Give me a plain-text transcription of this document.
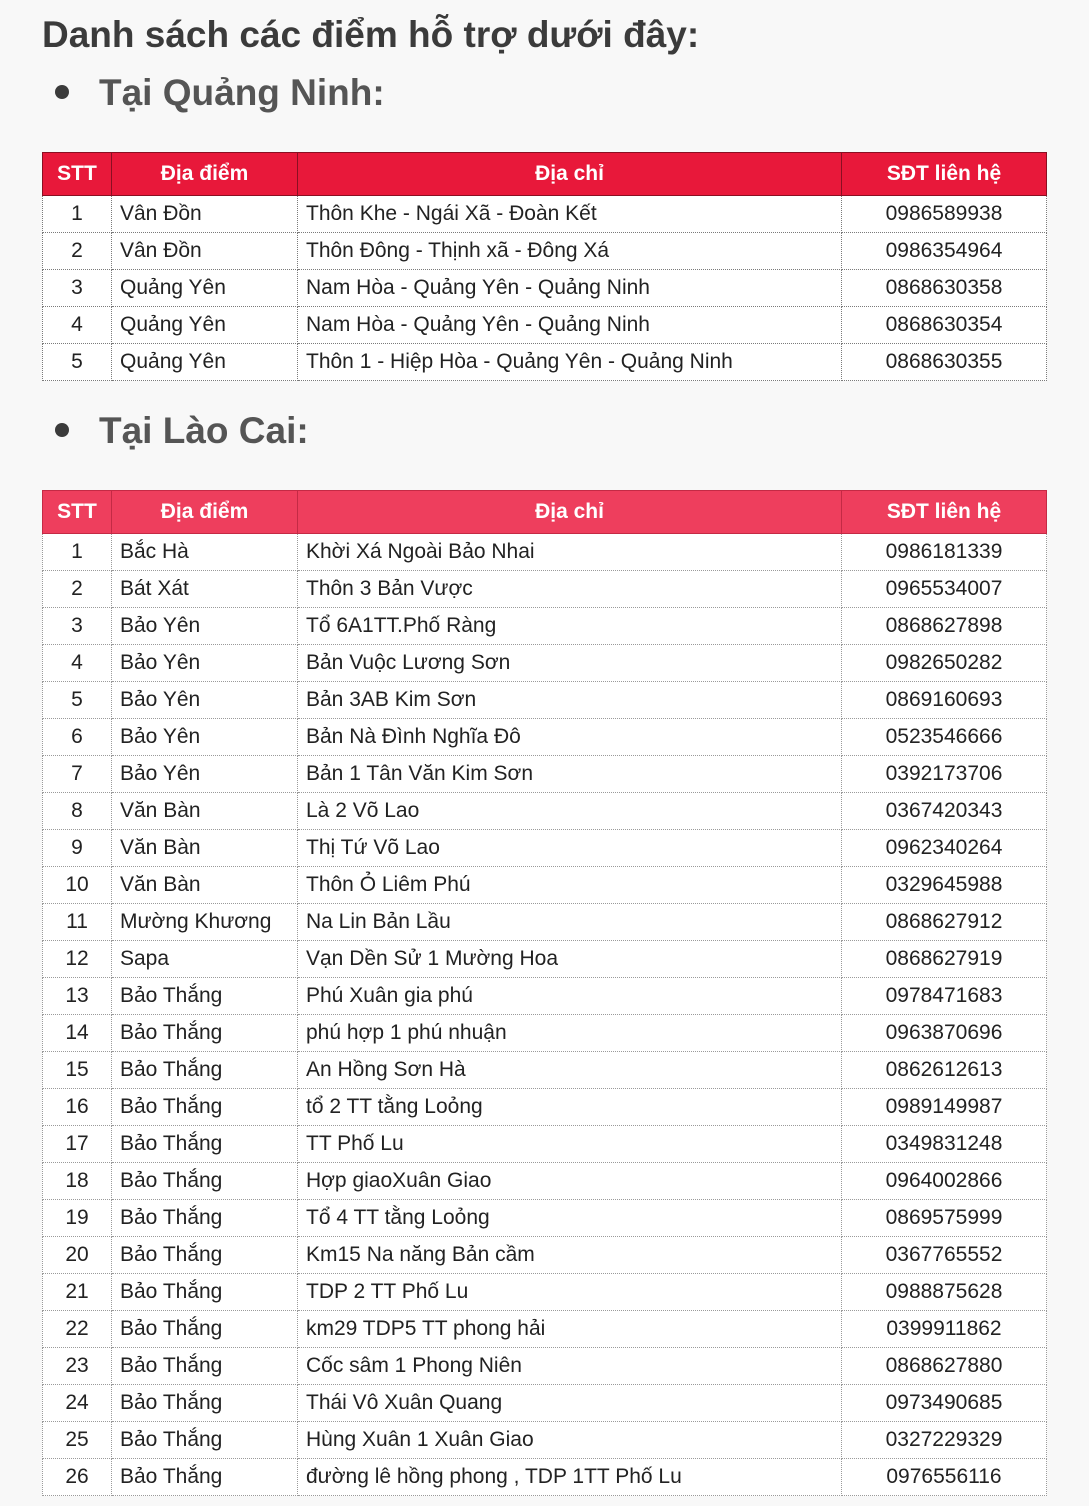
Danh sách các điểm hỗ trợ dưới đây:
Tại Quảng Ninh:
STT	Địa điểm	Địa chỉ	SĐT liên hệ
1	Vân Đồn	Thôn Khe - Ngái Xã - Đoàn Kết	0986589938
2	Vân Đồn	Thôn Đông - Thịnh xã - Đông Xá	0986354964
3	Quảng Yên	Nam Hòa - Quảng Yên - Quảng Ninh	0868630358
4	Quảng Yên	Nam Hòa - Quảng Yên - Quảng Ninh	0868630354
5	Quảng Yên	Thôn 1 - Hiệp Hòa - Quảng Yên - Quảng Ninh	0868630355
Tại Lào Cai:
STT	Địa điểm	Địa chỉ	SĐT liên hệ
1	Bắc Hà	Khời Xá Ngoài Bảo Nhai	0986181339
2	Bát Xát	Thôn 3 Bản Vược	0965534007
3	Bảo Yên	Tổ 6A1TT.Phố Ràng	0868627898
4	Bảo Yên	Bản Vuộc Lương Sơn	0982650282
5	Bảo Yên	Bản 3AB Kim Sơn	0869160693
6	Bảo Yên	Bản Nà Đình Nghĩa Đô	0523546666
7	Bảo Yên	Bản 1 Tân Văn Kim Sơn	0392173706
8	Văn Bàn	Là 2 Võ Lao	0367420343
9	Văn Bàn	Thị Tứ Võ Lao	0962340264
10	Văn Bàn	Thôn Ỏ Liêm Phú	0329645988
11	Mường Khương	Na Lin Bản Lầu	0868627912
12	Sapa	Vạn Dền Sử 1 Mường Hoa	0868627919
13	Bảo Thắng	Phú Xuân gia phú	0978471683
14	Bảo Thắng	phú hợp 1 phú nhuận	0963870696
15	Bảo Thắng	An Hồng Sơn Hà	0862612613
16	Bảo Thắng	tổ 2 TT tằng Loỏng	0989149987
17	Bảo Thắng	TT Phố Lu	0349831248
18	Bảo Thắng	Hợp giaoXuân Giao	0964002866
19	Bảo Thắng	Tổ 4 TT tằng Loỏng	0869575999
20	Bảo Thắng	Km15 Na năng Bản cầm	0367765552
21	Bảo Thắng	TDP 2 TT Phố Lu	0988875628
22	Bảo Thắng	km29 TDP5 TT phong hải	0399911862
23	Bảo Thắng	Cốc sâm 1 Phong Niên	0868627880
24	Bảo Thắng	Thái Vô Xuân Quang	0973490685
25	Bảo Thắng	Hùng Xuân 1 Xuân Giao	0327229329
26	Bảo Thắng	đường lê hồng phong , TDP 1TT Phố Lu	0976556116
